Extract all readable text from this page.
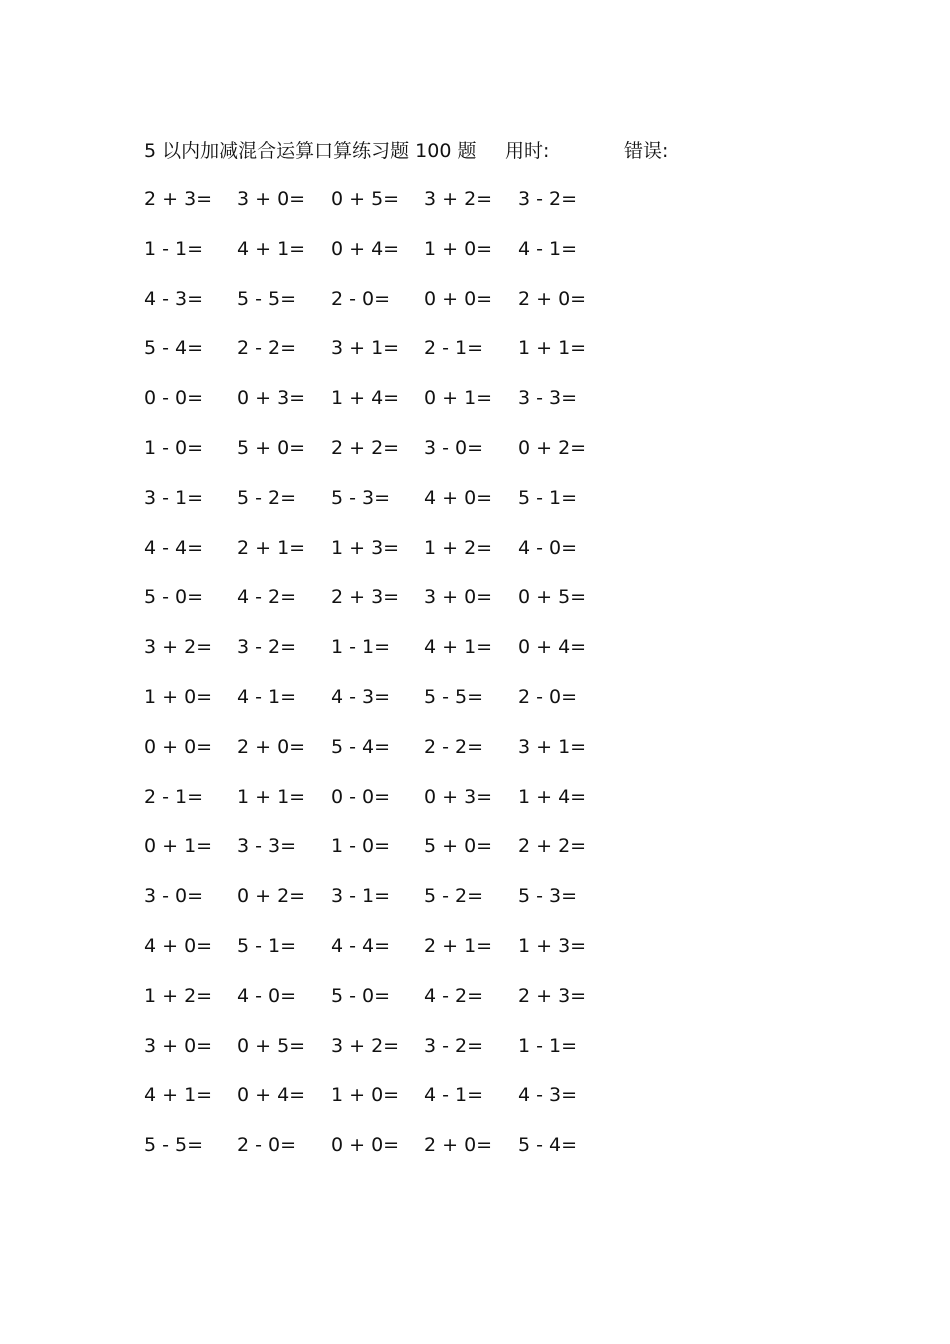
5 以内加减混合运算口算练习题 100 题 用时:	错误:
2 + 3= 3 + 0= 0 + 5= 3 + 2= 3 - 2=
1 - 1= 4 + 1= 0 + 4= 1 + 0= 4 - 1=
4 - 3= 5 - 5= 2 - 0= 0 + 0= 2 + 0=
5 - 4= 2 - 2= 3 + 1= 2 - 1= 1 + 1=
0 - 0= 0 + 3= 1 + 4= 0 + 1= 3 - 3=
1 - 0= 5 + 0= 2 + 2= 3 - 0= 0 + 2=
3 - 1= 5 - 2= 5 - 3= 4 + 0= 5 - 1=
4 - 4= 2 + 1= 1 + 3= 1 + 2= 4 - 0=
5 - 0= 4 - 2= 2 + 3= 3 + 0= 0 + 5=
3 + 2= 3 - 2= 1 - 1= 4 + 1= 0 + 4=
1 + 0= 4 - 1= 4 - 3= 5 - 5= 2 - 0=
0 + 0= 2 + 0= 5 - 4= 2 - 2= 3 + 1=
2 - 1= 1 + 1= 0 - 0= 0 + 3= 1 + 4=
0 + 1= 3 - 3= 1 - 0= 5 + 0= 2 + 2=
3 - 0= 0 + 2= 3 - 1= 5 - 2= 5 - 3=
4 + 0= 5 - 1= 4 - 4= 2 + 1= 1 + 3=
1 + 2= 4 - 0= 5 - 0= 4 - 2= 2 + 3=
3 + 0= 0 + 5= 3 + 2= 3 - 2= 1 - 1=
4 + 1= 0 + 4= 1 + 0= 4 - 1= 4 - 3=
5 - 5= 2 - 0= 0 + 0= 2 + 0= 5 - 4=
